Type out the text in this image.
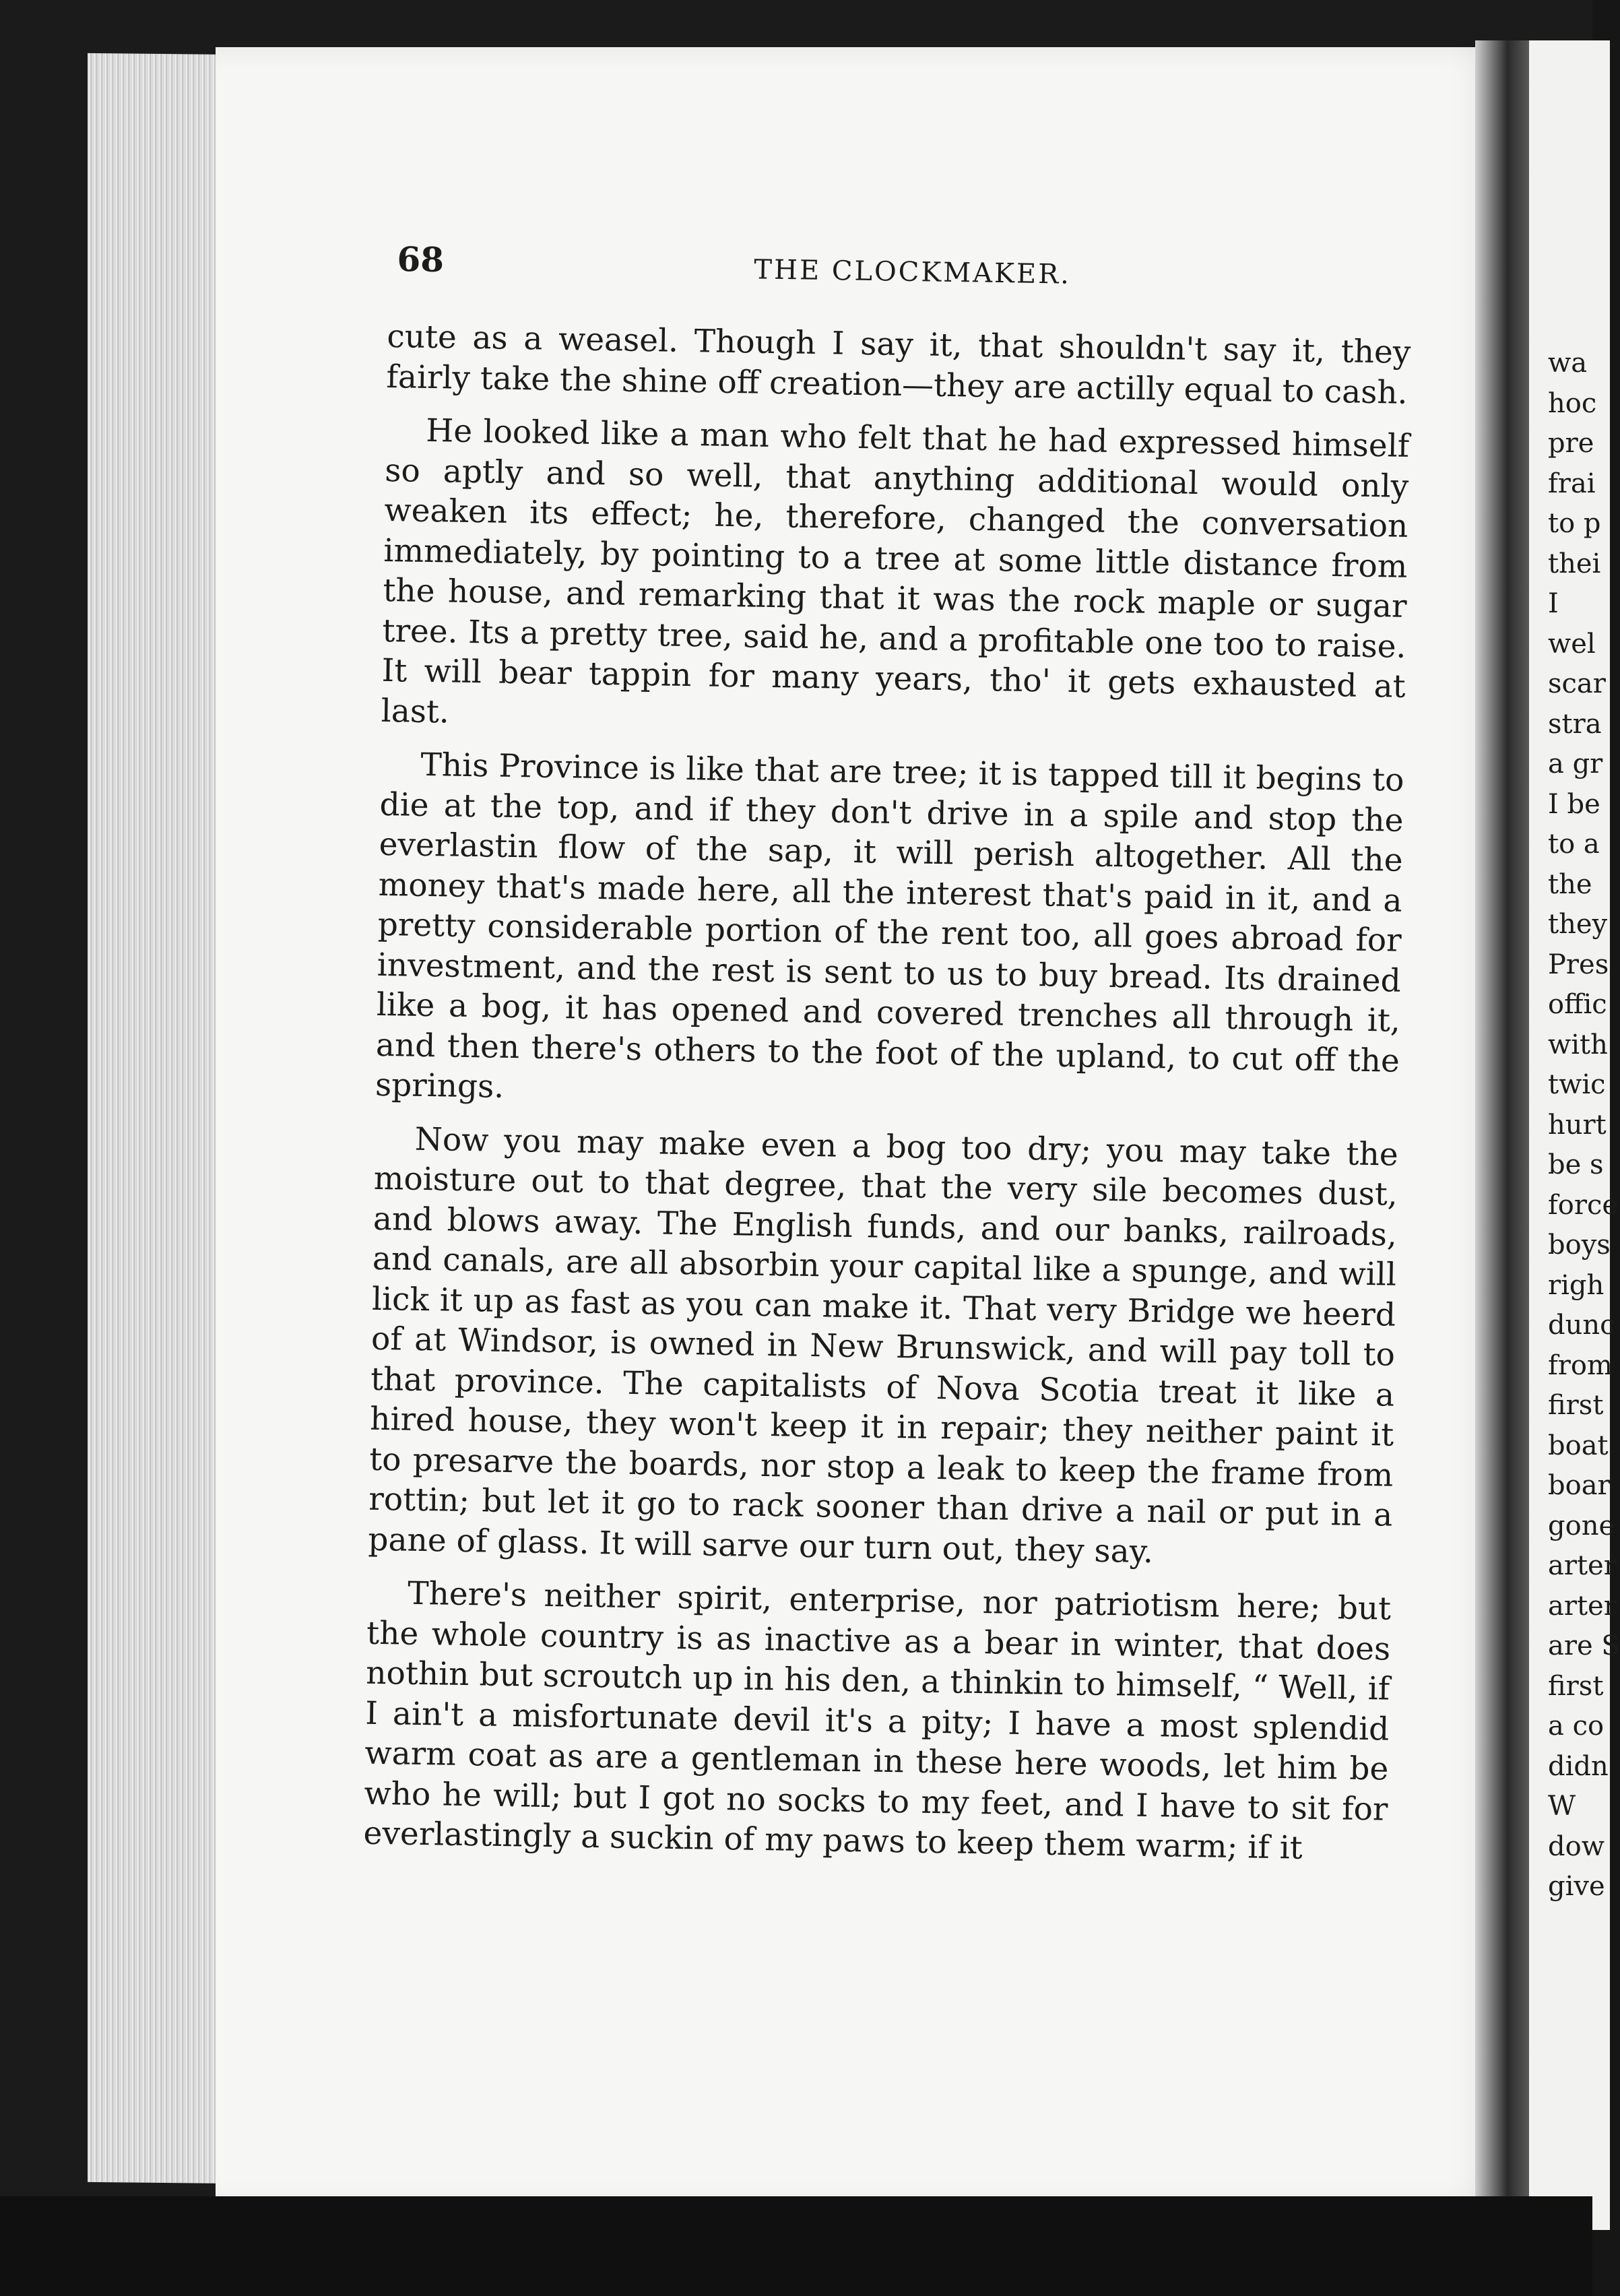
68	THE CLOCKMAKER.

cute as a weasel. Though I say it, that shouldn't say it, they fairly take the shine off creation—they are actilly equal to cash.

He looked like a man who felt that he had expressed himself so aptly and so well, that anything additional would only weaken its effect; he, therefore, changed the conversation immediately, by pointing to a tree at some little distance from the house, and remarking that it was the rock maple or sugar tree. Its a pretty tree, said he, and a profitable one too to raise. It will bear tappin for many years, tho' it gets exhausted at last.

This Province is like that are tree; it is tapped till it begins to die at the top, and if they don't drive in a spile and stop the everlastin flow of the sap, it will perish altogether. All the money that's made here, all the interest that's paid in it, and a pretty considerable portion of the rent too, all goes abroad for investment, and the rest is sent to us to buy bread. Its drained like a bog, it has opened and covered trenches all through it, and then there's others to the foot of the upland, to cut off the springs.

Now you may make even a bog too dry; you may take the moisture out to that degree, that the very sile becomes dust, and blows away. The English funds, and our banks, railroads, and canals, are all absorbin your capital like a spunge, and will lick it up as fast as you can make it. That very Bridge we heerd of at Windsor, is owned in New Brunswick, and will pay toll to that province. The capitalists of Nova Scotia treat it like a hired house, they won't keep it in repair; they neither paint it to presarve the boards, nor stop a leak to keep the frame from rottin; but let it go to rack sooner than drive a nail or put in a pane of glass. It will sarve our turn out, they say.

There's neither spirit, enterprise, nor patriotism here; but the whole country is as inactive as a bear in winter, that does nothin but scroutch up in his den, a thinkin to himself, “ Well, if I ain't a misfortunate devil it's a pity; I have a most splendid warm coat as are a gentleman in these here woods, let him be who he will; but I got no socks to my feet, and I have to sit for everlastingly a suckin of my paws to keep them warm; if it

wa
hoc
pre
frai
to p
thei
I
wel
scar
stra
a gr
I be
to a
the
they
Pres
offic
with
twic
hurt
be s
force
boys
righ
dunc
from
first
boat
boar
gone
arter
arter
are S
first
a co
didn
W
dow
give
